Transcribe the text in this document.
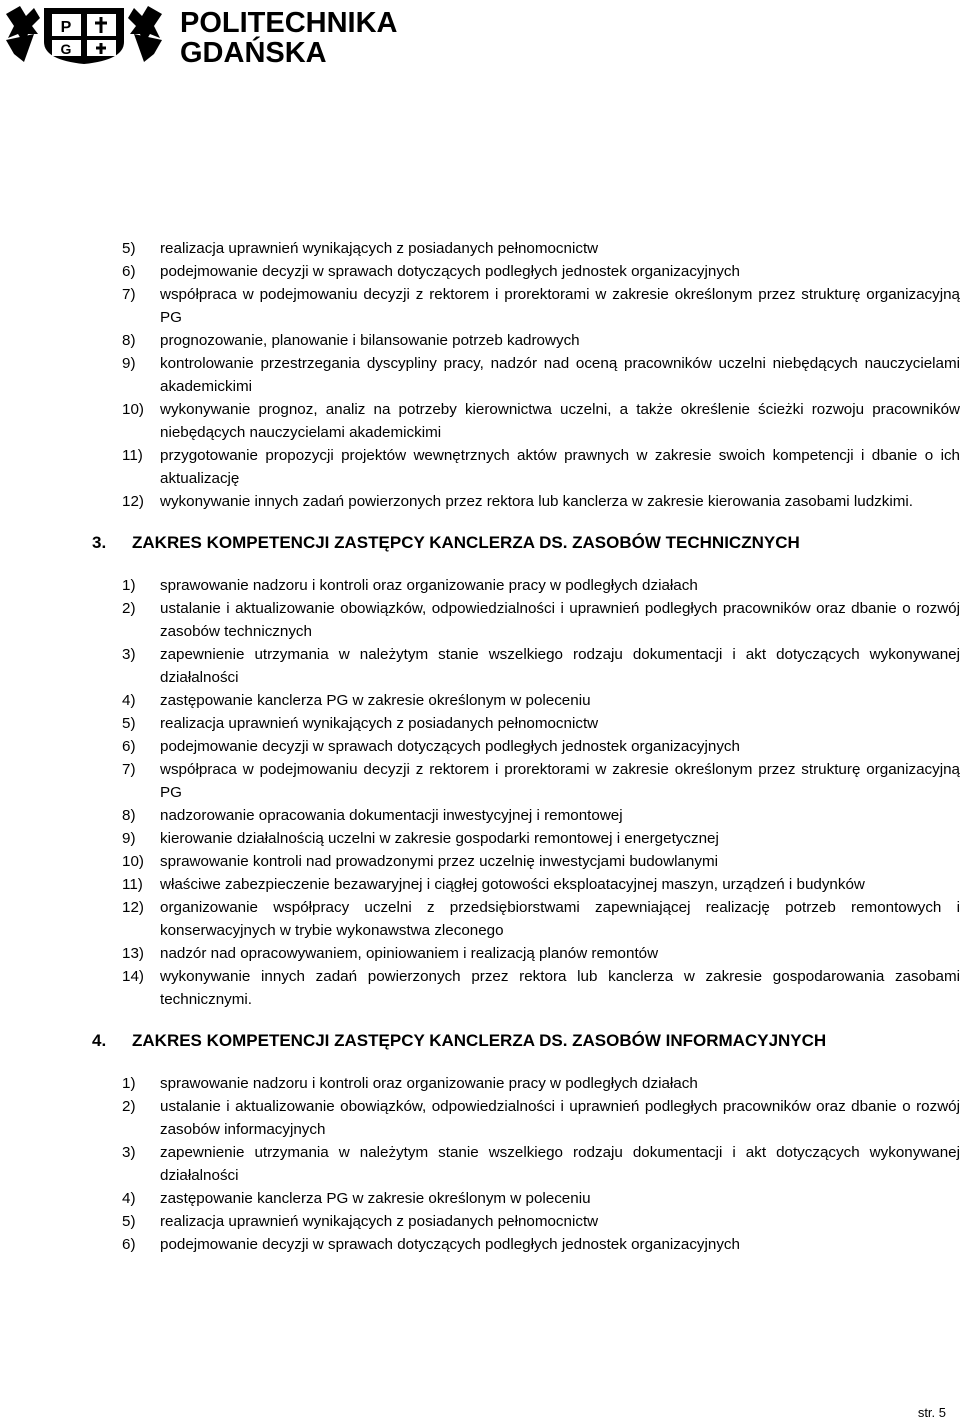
P
G
POLITECHNIKA
GDAŃSKA
5) realizacja uprawnień wynikających z posiadanych pełnomocnictw
6) podejmowanie decyzji w sprawach dotyczących podległych jednostek organizacyjnych
7) współpraca w podejmowaniu decyzji z rektorem i prorektorami w zakresie określonym przez strukturę organizacyjną PG
8) prognozowanie, planowanie i bilansowanie potrzeb kadrowych
9) kontrolowanie przestrzegania dyscypliny pracy, nadzór nad oceną pracowników uczelni niebędących nauczycielami akademickimi
10) wykonywanie prognoz, analiz na potrzeby kierownictwa uczelni, a także określenie ścieżki rozwoju pracowników niebędących nauczycielami akademickimi
11) przygotowanie propozycji projektów wewnętrznych aktów prawnych w zakresie swoich kompetencji i dbanie o ich aktualizację
12) wykonywanie innych zadań powierzonych przez rektora lub kanclerza w zakresie kierowania zasobami ludzkimi.
3. ZAKRES KOMPETENCJI ZASTĘPCY KANCLERZA DS. ZASOBÓW TECHNICZNYCH
1) sprawowanie nadzoru i kontroli oraz organizowanie pracy w podległych działach
2) ustalanie i aktualizowanie obowiązków, odpowiedzialności i uprawnień podległych pracowników oraz dbanie o rozwój zasobów technicznych
3) zapewnienie utrzymania w należytym stanie wszelkiego rodzaju dokumentacji i akt dotyczących wykonywanej działalności
4) zastępowanie kanclerza PG w zakresie określonym w poleceniu
5) realizacja uprawnień wynikających z posiadanych pełnomocnictw
6) podejmowanie decyzji w sprawach dotyczących podległych jednostek organizacyjnych
7) współpraca w podejmowaniu decyzji z rektorem i prorektorami w zakresie określonym przez strukturę organizacyjną PG
8) nadzorowanie opracowania dokumentacji inwestycyjnej i remontowej
9) kierowanie działalnością uczelni w zakresie gospodarki remontowej i energetycznej
10) sprawowanie kontroli nad prowadzonymi przez uczelnię inwestycjami budowlanymi
11) właściwe zabezpieczenie bezawaryjnej i ciągłej gotowości eksploatacyjnej maszyn, urządzeń i budynków
12) organizowanie współpracy uczelni z przedsiębiorstwami zapewniającej realizację potrzeb remontowych i konserwacyjnych w trybie wykonawstwa zleconego
13) nadzór nad opracowywaniem, opiniowaniem i realizacją planów remontów
14) wykonywanie innych zadań powierzonych przez rektora lub kanclerza w zakresie gospodarowania zasobami technicznymi.
4. ZAKRES KOMPETENCJI ZASTĘPCY KANCLERZA DS. ZASOBÓW INFORMACYJNYCH
1) sprawowanie nadzoru i kontroli oraz organizowanie pracy w podległych działach
2) ustalanie i aktualizowanie obowiązków, odpowiedzialności i uprawnień podległych pracowników oraz dbanie o rozwój zasobów informacyjnych
3) zapewnienie utrzymania w należytym stanie wszelkiego rodzaju dokumentacji i akt dotyczących wykonywanej działalności
4) zastępowanie kanclerza PG w zakresie określonym w poleceniu
5) realizacja uprawnień wynikających z posiadanych pełnomocnictw
6) podejmowanie decyzji w sprawach dotyczących podległych jednostek organizacyjnych
str. 5
